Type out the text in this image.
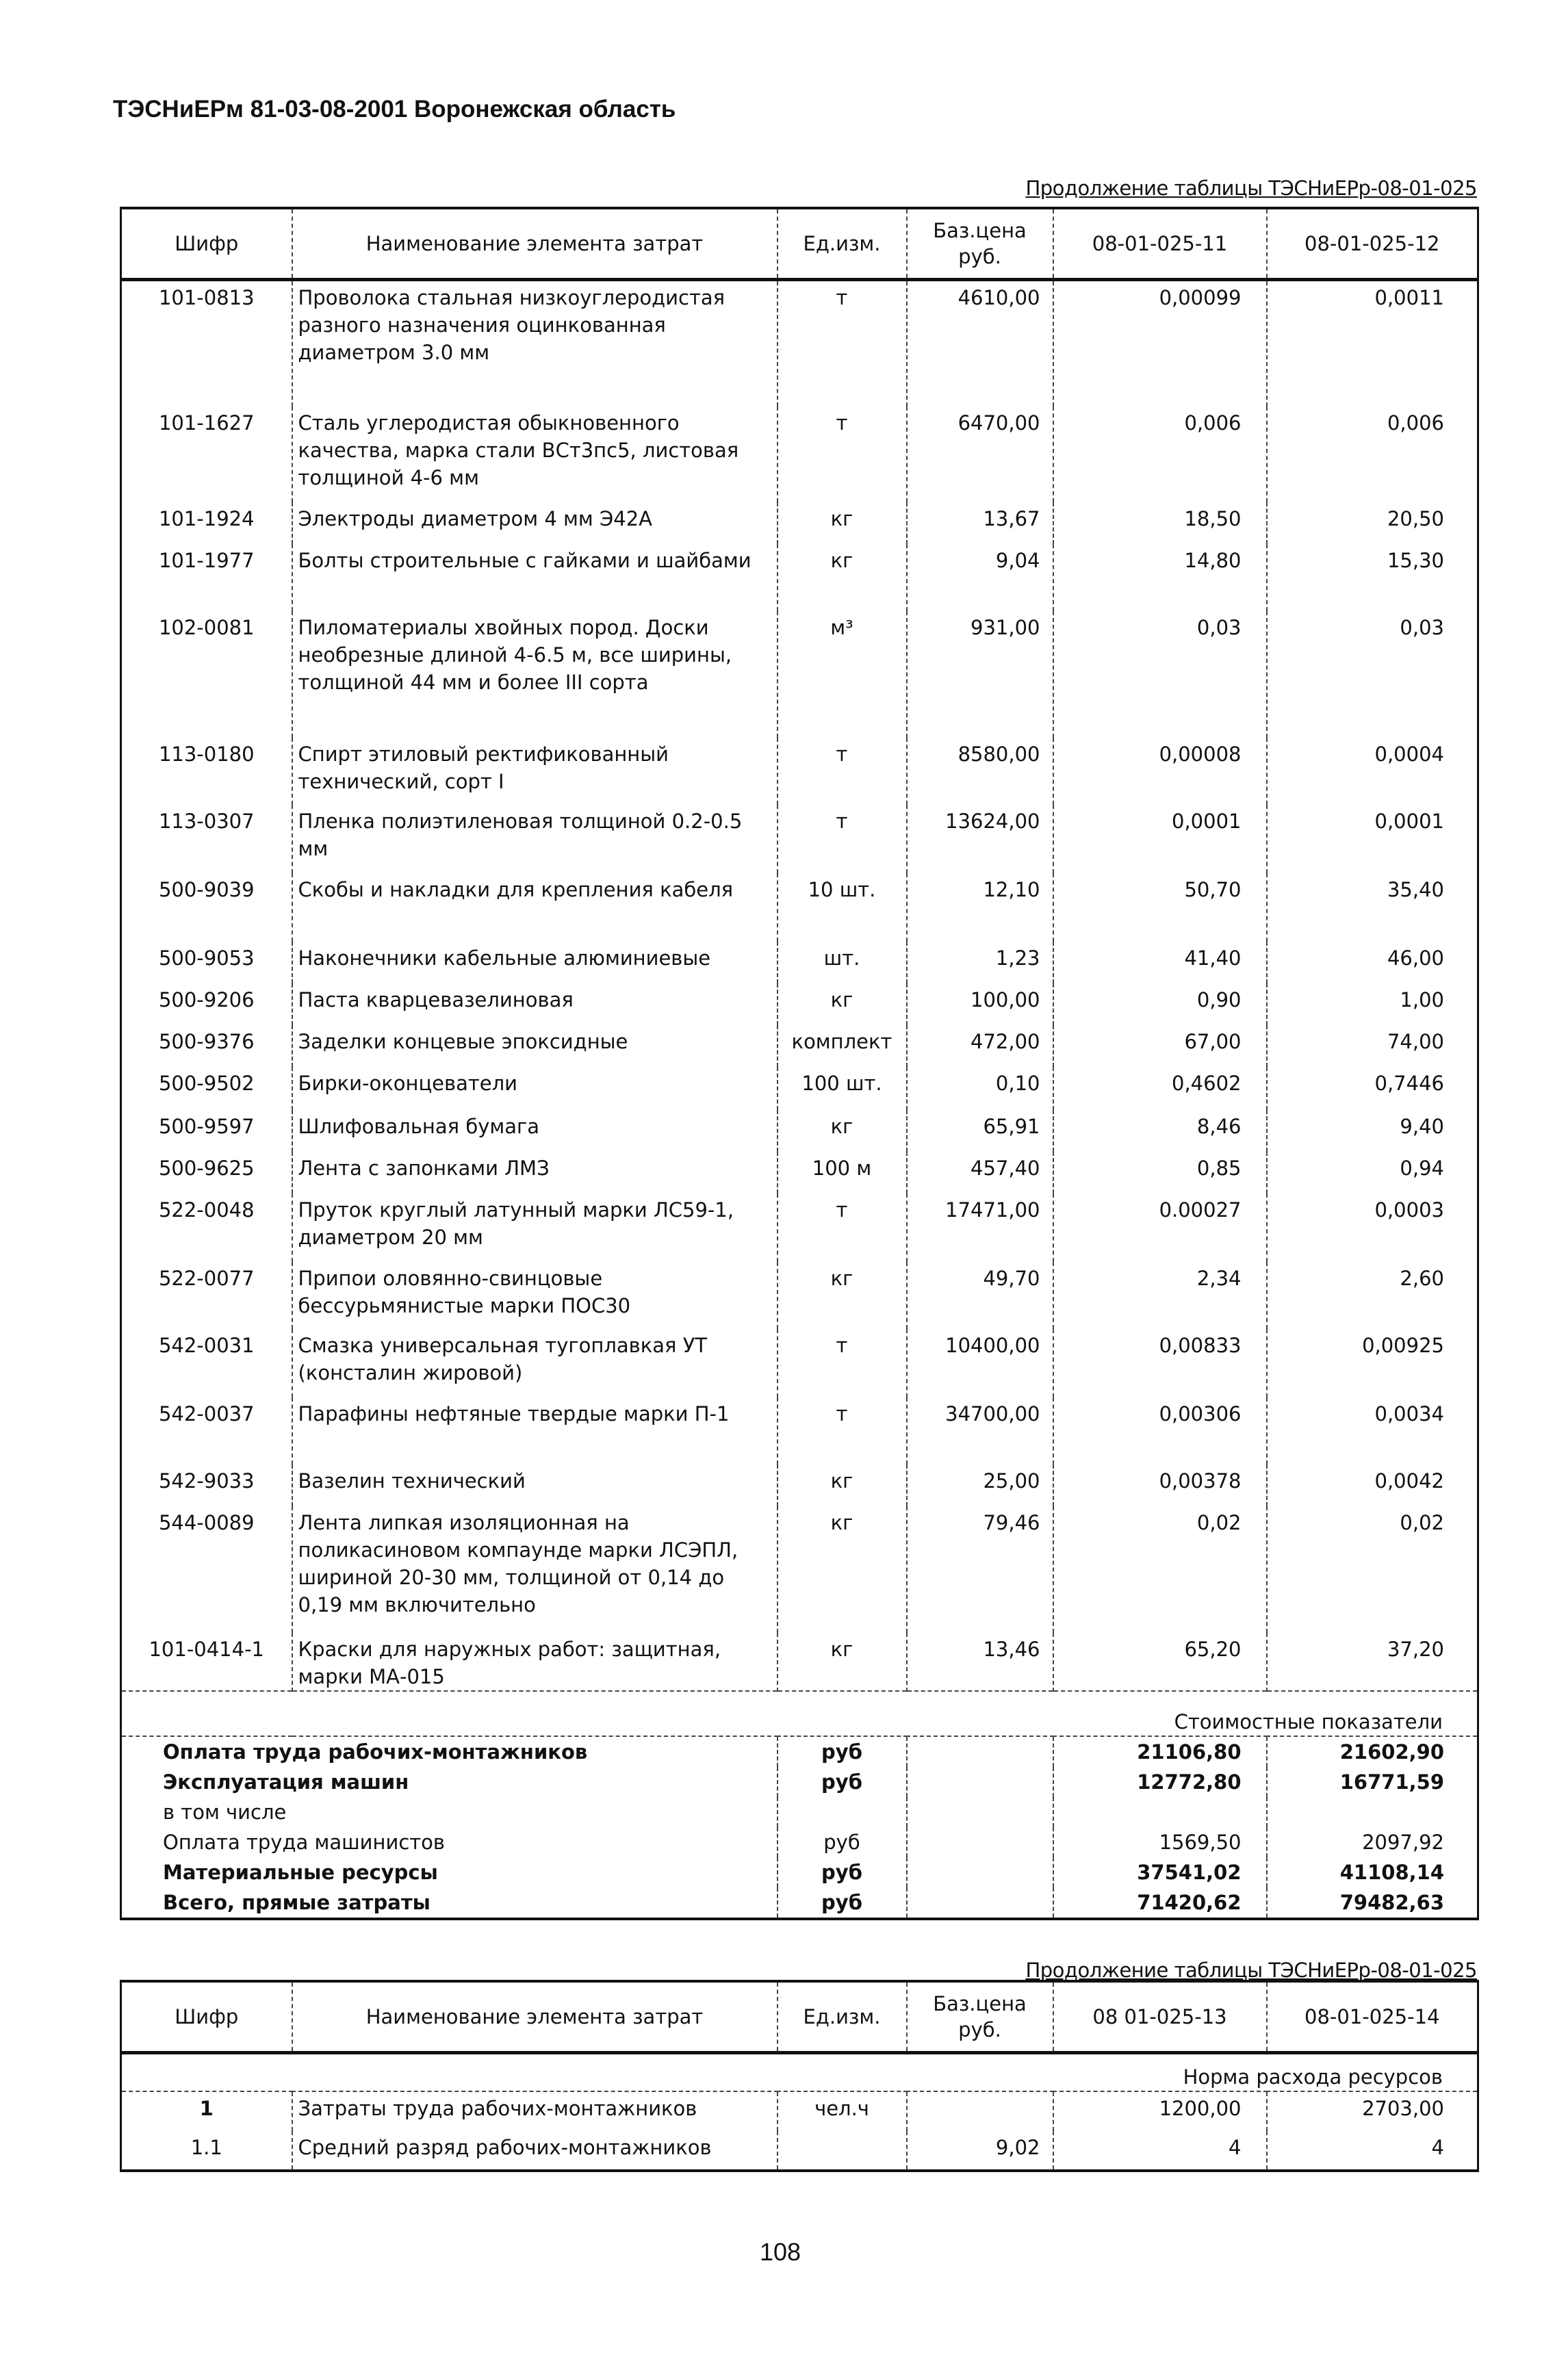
ТЭСНиЕРм 81-03-08-2001 Воронежская область
Продолжение таблицы ТЭСНиЕРр-08-01-025
Шифр	Наименование элемента затрат	Ед.изм.	Баз.цена руб.	08-01-025-11	08-01-025-12
101-0813	Проволока стальная низкоуглеродистая разного назначения оцинкованная диаметром 3.0 мм	т	4610,00	0,00099	0,0011
101-1627	Сталь углеродистая обыкновенного качества, марка стали ВСт3пс5, листовая толщиной 4-6 мм	т	6470,00	0,006	0,006
101-1924	Электроды диаметром 4 мм Э42А	кг	13,67	18,50	20,50
101-1977	Болты строительные с гайками и шайбами	кг	9,04	14,80	15,30
102-0081	Пиломатериалы хвойных пород. Доски необрезные длиной 4-6.5 м, все ширины, толщиной 44 мм и более III сорта	м³	931,00	0,03	0,03
113-0180	Спирт этиловый ректификованный технический, сорт I	т	8580,00	0,00008	0,0004
113-0307	Пленка полиэтиленовая толщиной 0.2-0.5 мм	т	13624,00	0,0001	0,0001
500-9039	Скобы и накладки для крепления кабеля	10 шт.	12,10	50,70	35,40
500-9053	Наконечники кабельные алюминиевые	шт.	1,23	41,40	46,00
500-9206	Паста кварцевазелиновая	кг	100,00	0,90	1,00
500-9376	Заделки концевые эпоксидные	комплект	472,00	67,00	74,00
500-9502	Бирки-оконцеватели	100 шт.	0,10	0,4602	0,7446
500-9597	Шлифовальная бумага	кг	65,91	8,46	9,40
500-9625	Лента с запонками ЛМЗ	100 м	457,40	0,85	0,94
522-0048	Пруток круглый латунный марки ЛС59-1, диаметром 20 мм	т	17471,00	0.00027	0,0003
522-0077	Припои оловянно-свинцовые бессурьмянистые марки ПОС30	кг	49,70	2,34	2,60
542-0031	Смазка универсальная тугоплавкая УТ (консталин жировой)	т	10400,00	0,00833	0,00925
542-0037	Парафины нефтяные твердые марки П-1	т	34700,00	0,00306	0,0034
542-9033	Вазелин технический	кг	25,00	0,00378	0,0042
544-0089	Лента липкая изоляционная на поликасиновом компаунде марки ЛСЭПЛ, шириной 20-30 мм, толщиной от 0,14 до 0,19 мм включительно	кг	79,46	0,02	0,02
101-0414-1	Краски для наружных работ: защитная, марки МА-015	кг	13,46	65,20	37,20
Стоимостные показатели					
Оплата труда рабочих-монтажников		руб		21106,80	21602,90
Эксплуатация машин		руб		12772,80	16771,59
в том числе					
Оплата труда машинистов		руб		1569,50	2097,92
Материальные ресурсы		руб		37541,02	41108,14
Всего, прямые затраты		руб		71420,62	79482,63
Продолжение таблицы ТЭСНиЕРр-08-01-025
Шифр	Наименование элемента затрат	Ед.изм.	Баз.цена руб.	08 01-025-13	08-01-025-14
Норма расхода ресурсов					
1	Затраты труда рабочих-монтажников	чел.ч		1200,00	2703,00
1.1	Средний разряд рабочих-монтажников		9,02	4	4
108
